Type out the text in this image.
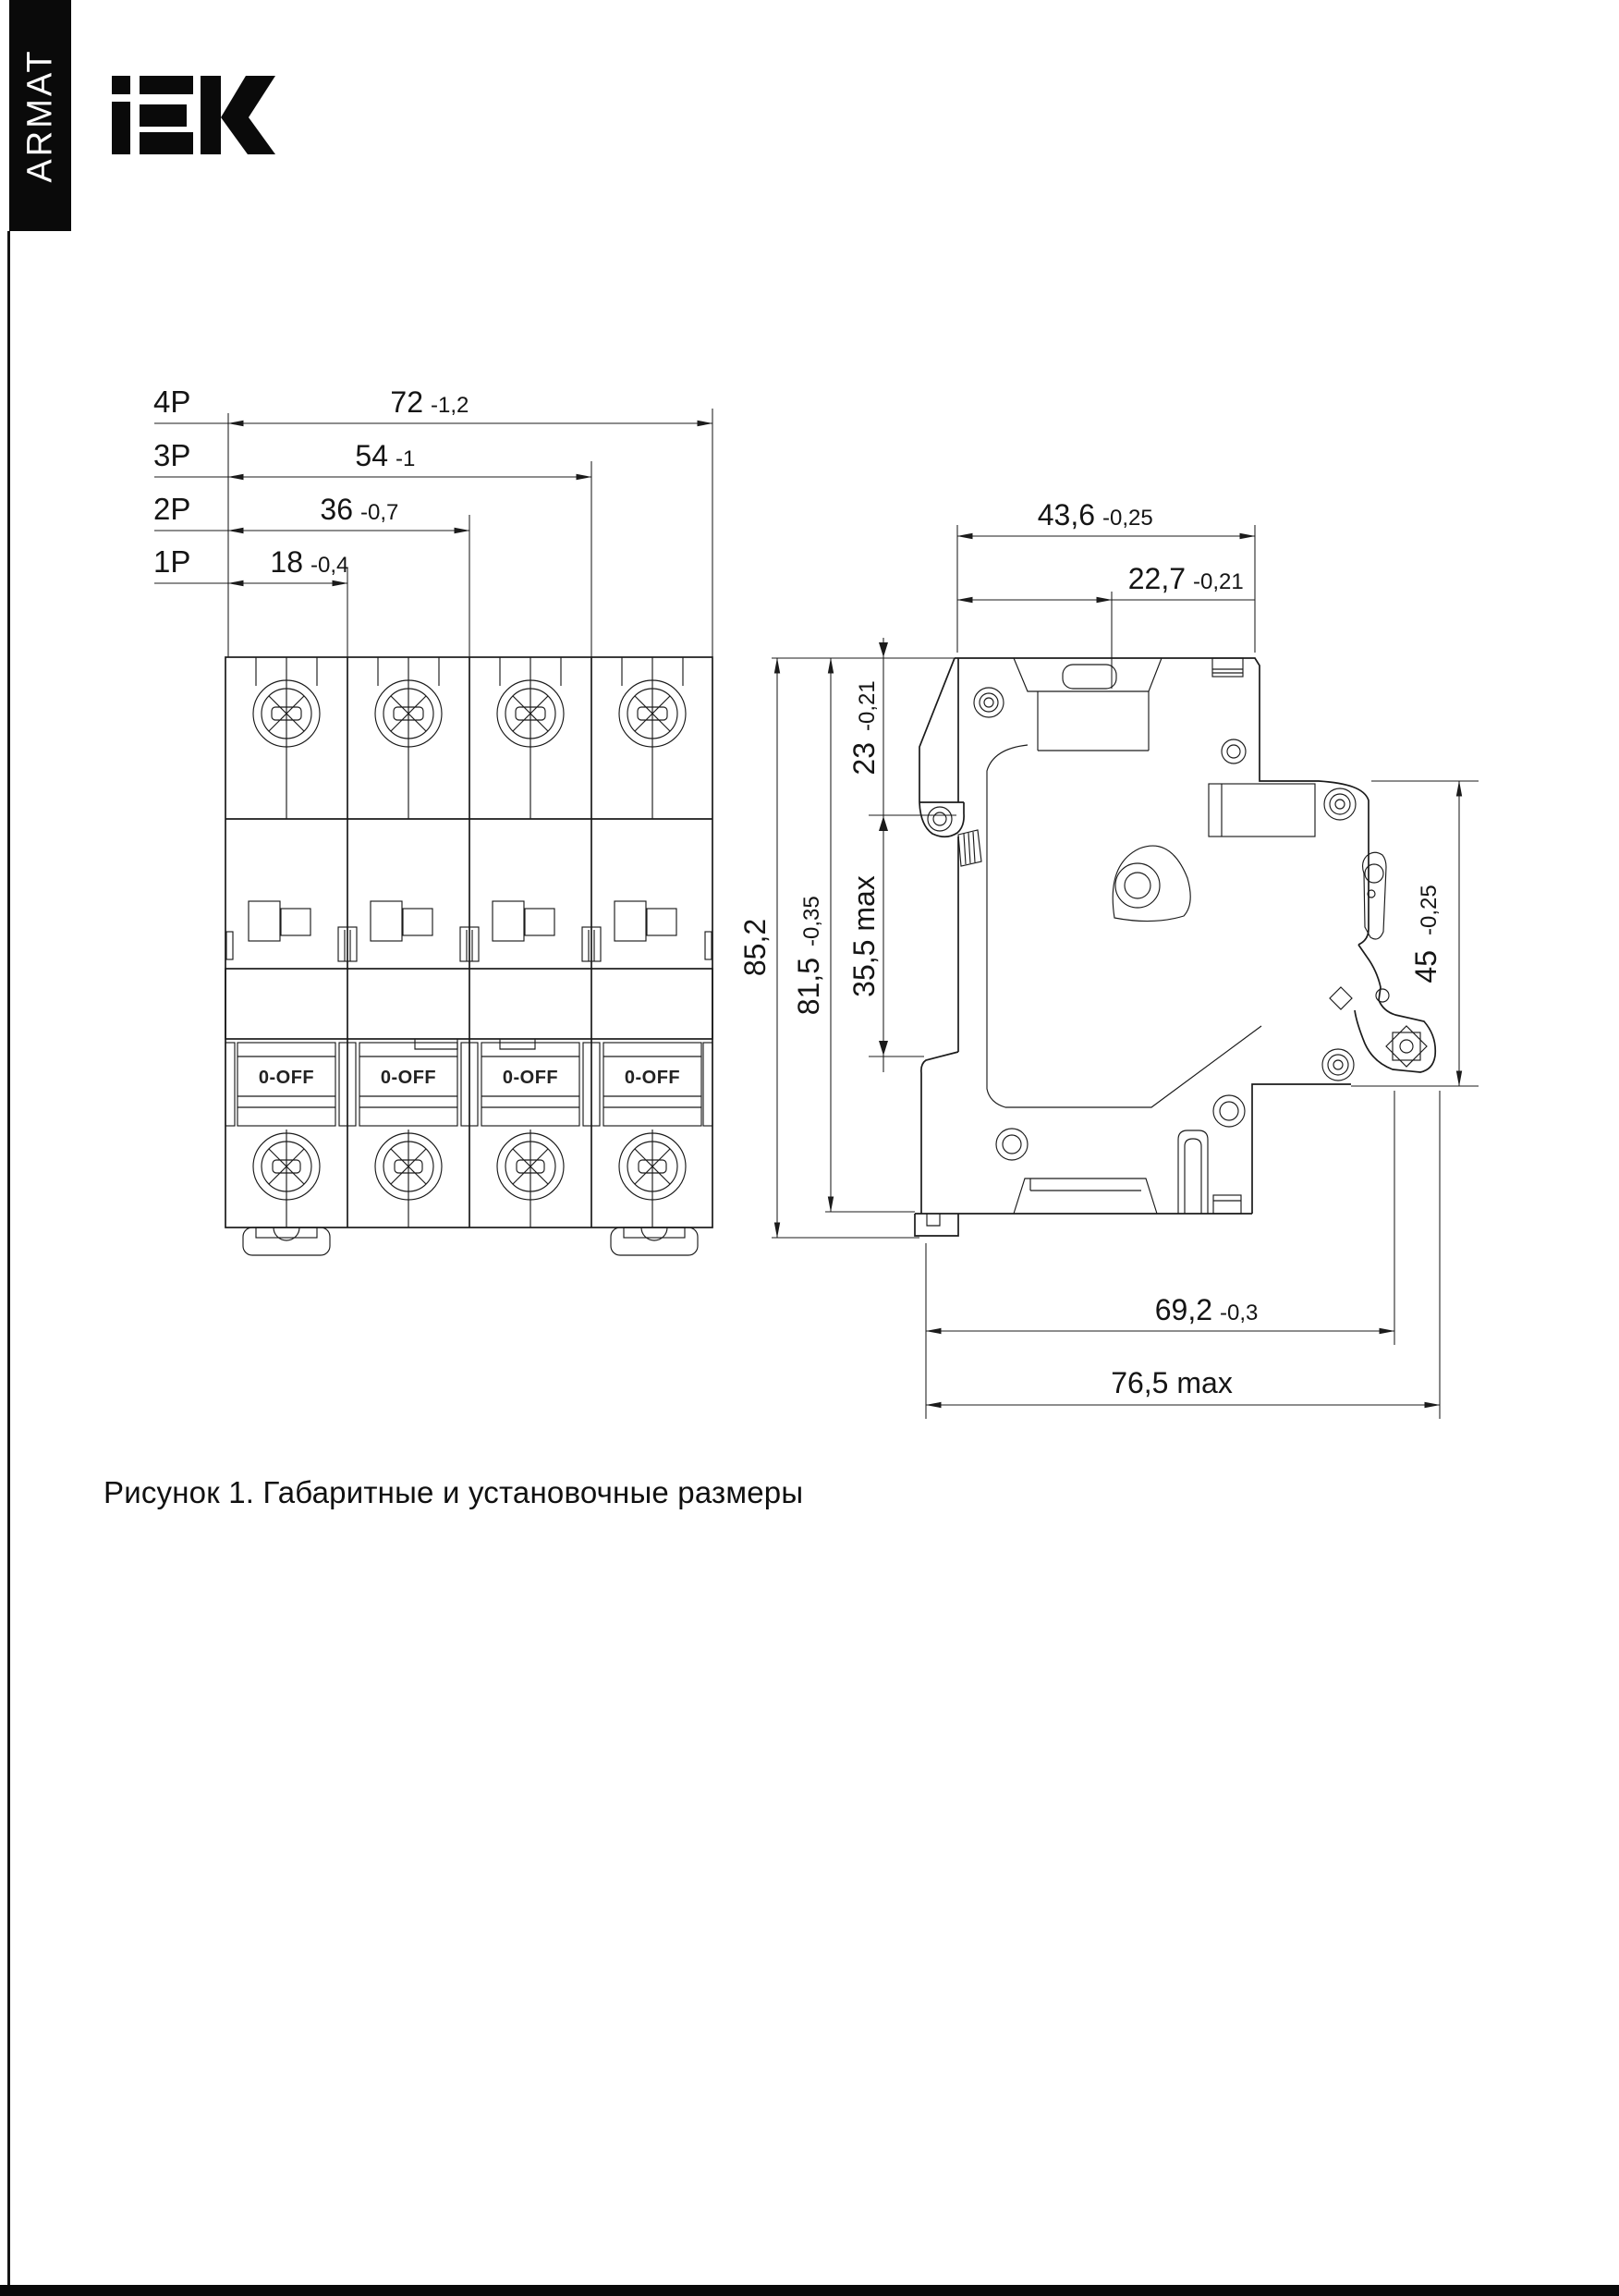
ARMAT
Рисунок 1. Габаритные и установочные размеры
0-OFF	0-OFF	0-OFF	0-OFF
4P	72 -1,2
3P	54 -1
2P	36 -0,7
1P	18 -0,4
43,6 -0,25
22,7 -0,21
23
-0,21
35,5 max
85,2
81,5
-0,35
45
-0,25
69,2 -0,3
76,5 max
